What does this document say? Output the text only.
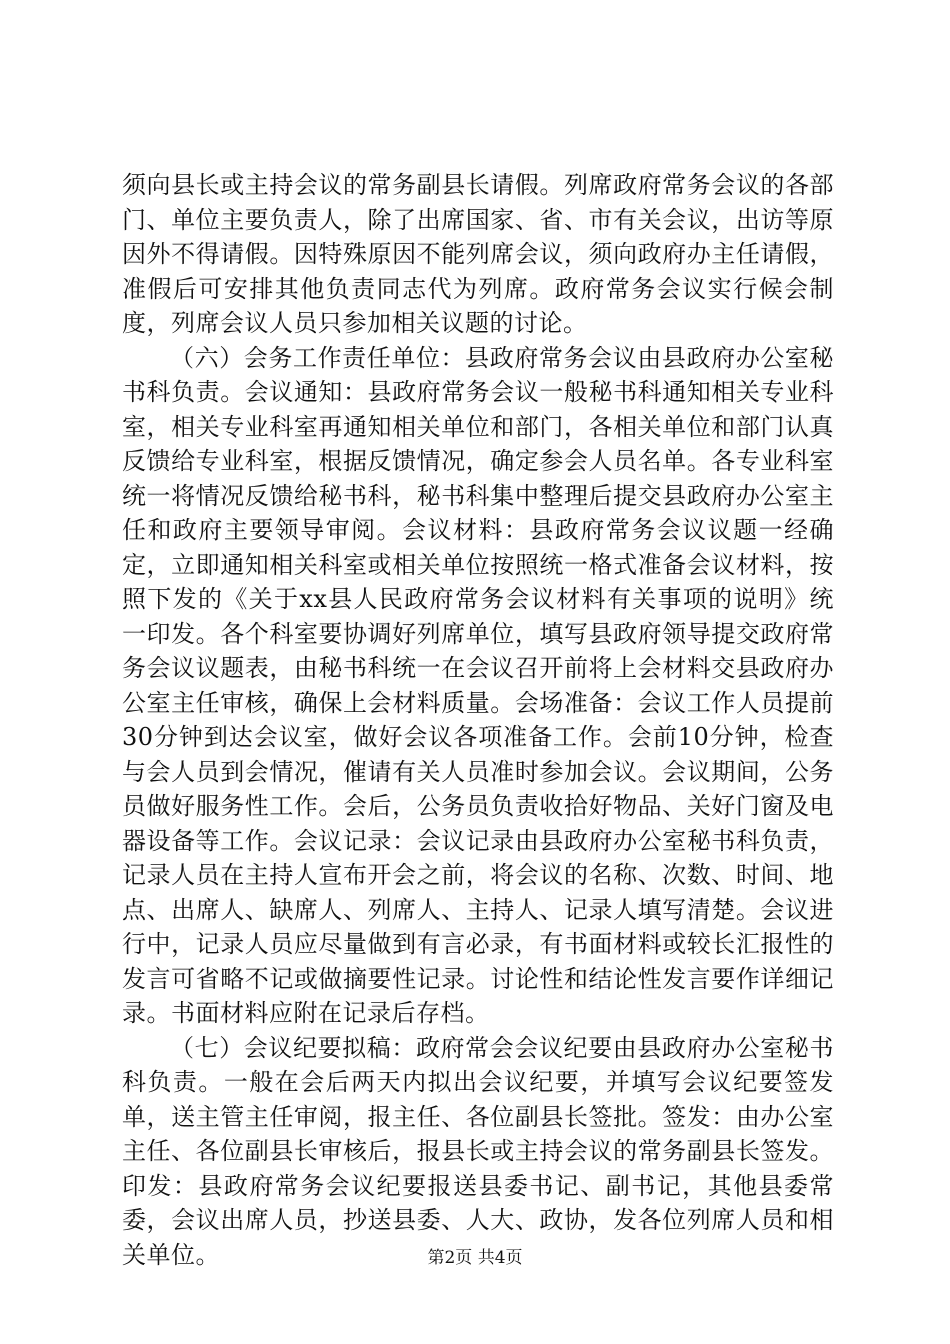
须向县长或主持会议的常务副县长请假。列席政府常务会议的各部门、单位主要负责人，除了出席国家、省、市有关会议，出访等原因外不得请假。因特殊原因不能列席会议，须向政府办主任请假，准假后可安排其他负责同志代为列席。政府常务会议实行候会制度，列席会议人员只参加相关议题的讨论。

（六）会务工作责任单位：县政府常务会议由县政府办公室秘书科负责。会议通知：县政府常务会议一般秘书科通知相关专业科室，相关专业科室再通知相关单位和部门，各相关单位和部门认真反馈给专业科室，根据反馈情况，确定参会人员名单。各专业科室统一将情况反馈给秘书科，秘书科集中整理后提交县政府办公室主任和政府主要领导审阅。会议材料：县政府常务会议议题一经确定，立即通知相关科室或相关单位按照统一格式准备会议材料，按照下发的《关于xx县人民政府常务会议材料有关事项的说明》统一印发。各个科室要协调好列席单位，填写县政府领导提交政府常务会议议题表，由秘书科统一在会议召开前将上会材料交县政府办公室主任审核，确保上会材料质量。会场准备：会议工作人员提前30分钟到达会议室，做好会议各项准备工作。会前10分钟，检查与会人员到会情况，催请有关人员准时参加会议。会议期间，公务员做好服务性工作。会后，公务员负责收拾好物品、关好门窗及电器设备等工作。会议记录：会议记录由县政府办公室秘书科负责，记录人员在主持人宣布开会之前，将会议的名称、次数、时间、地点、出席人、缺席人、列席人、主持人、记录人填写清楚。会议进行中，记录人员应尽量做到有言必录，有书面材料或较长汇报性的发言可省略不记或做摘要性记录。讨论性和结论性发言要作详细记录。书面材料应附在记录后存档。

（七）会议纪要拟稿：政府常会会议纪要由县政府办公室秘书科负责。一般在会后两天内拟出会议纪要，并填写会议纪要签发单，送主管主任审阅，报主任、各位副县长签批。签发：由办公室主任、各位副县长审核后，报县长或主持会议的常务副县长签发。印发：县政府常务会议纪要报送县委书记、副书记，其他县委常委，会议出席人员，抄送县委、人大、政协，发各位列席人员和相关单位。	第2页 共4页
